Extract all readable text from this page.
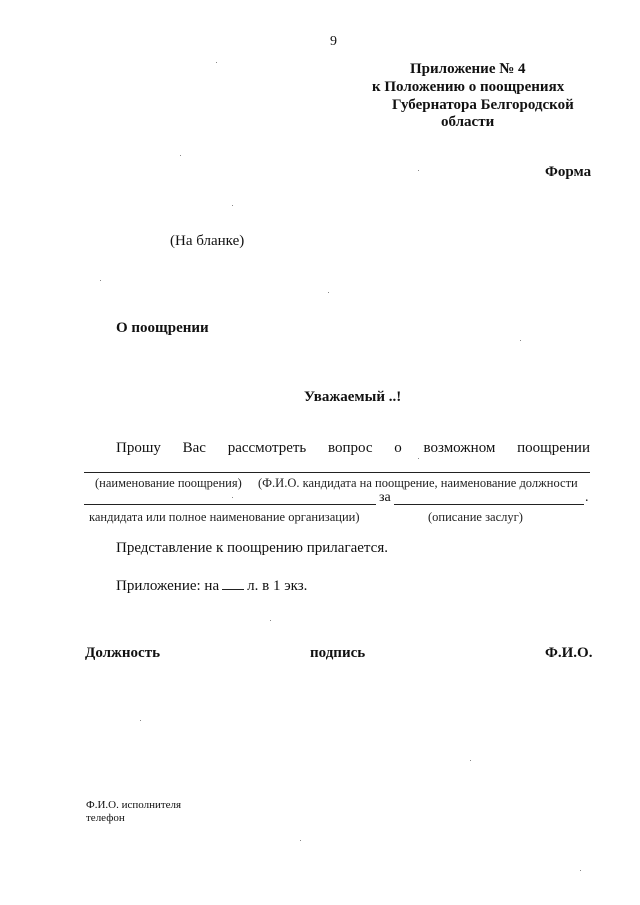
9
Приложение № 4
к Положению о поощрениях
Губернатора Белгородской
области
Форма
(На бланке)
О поощрении
Уважаемый ..!
Прошу Вас рассмотреть вопрос о возможном поощрении
(наименование поощрения) (Ф.И.О. кандидата на поощрение, наименование должности
за	.
кандидата или полное наименование организации)	(описание заслуг)
Представление к поощрению прилагается.
Приложение: на л. в 1 экз.
Должность	подпись	Ф.И.О.
Ф.И.О. исполнителя
телефон
